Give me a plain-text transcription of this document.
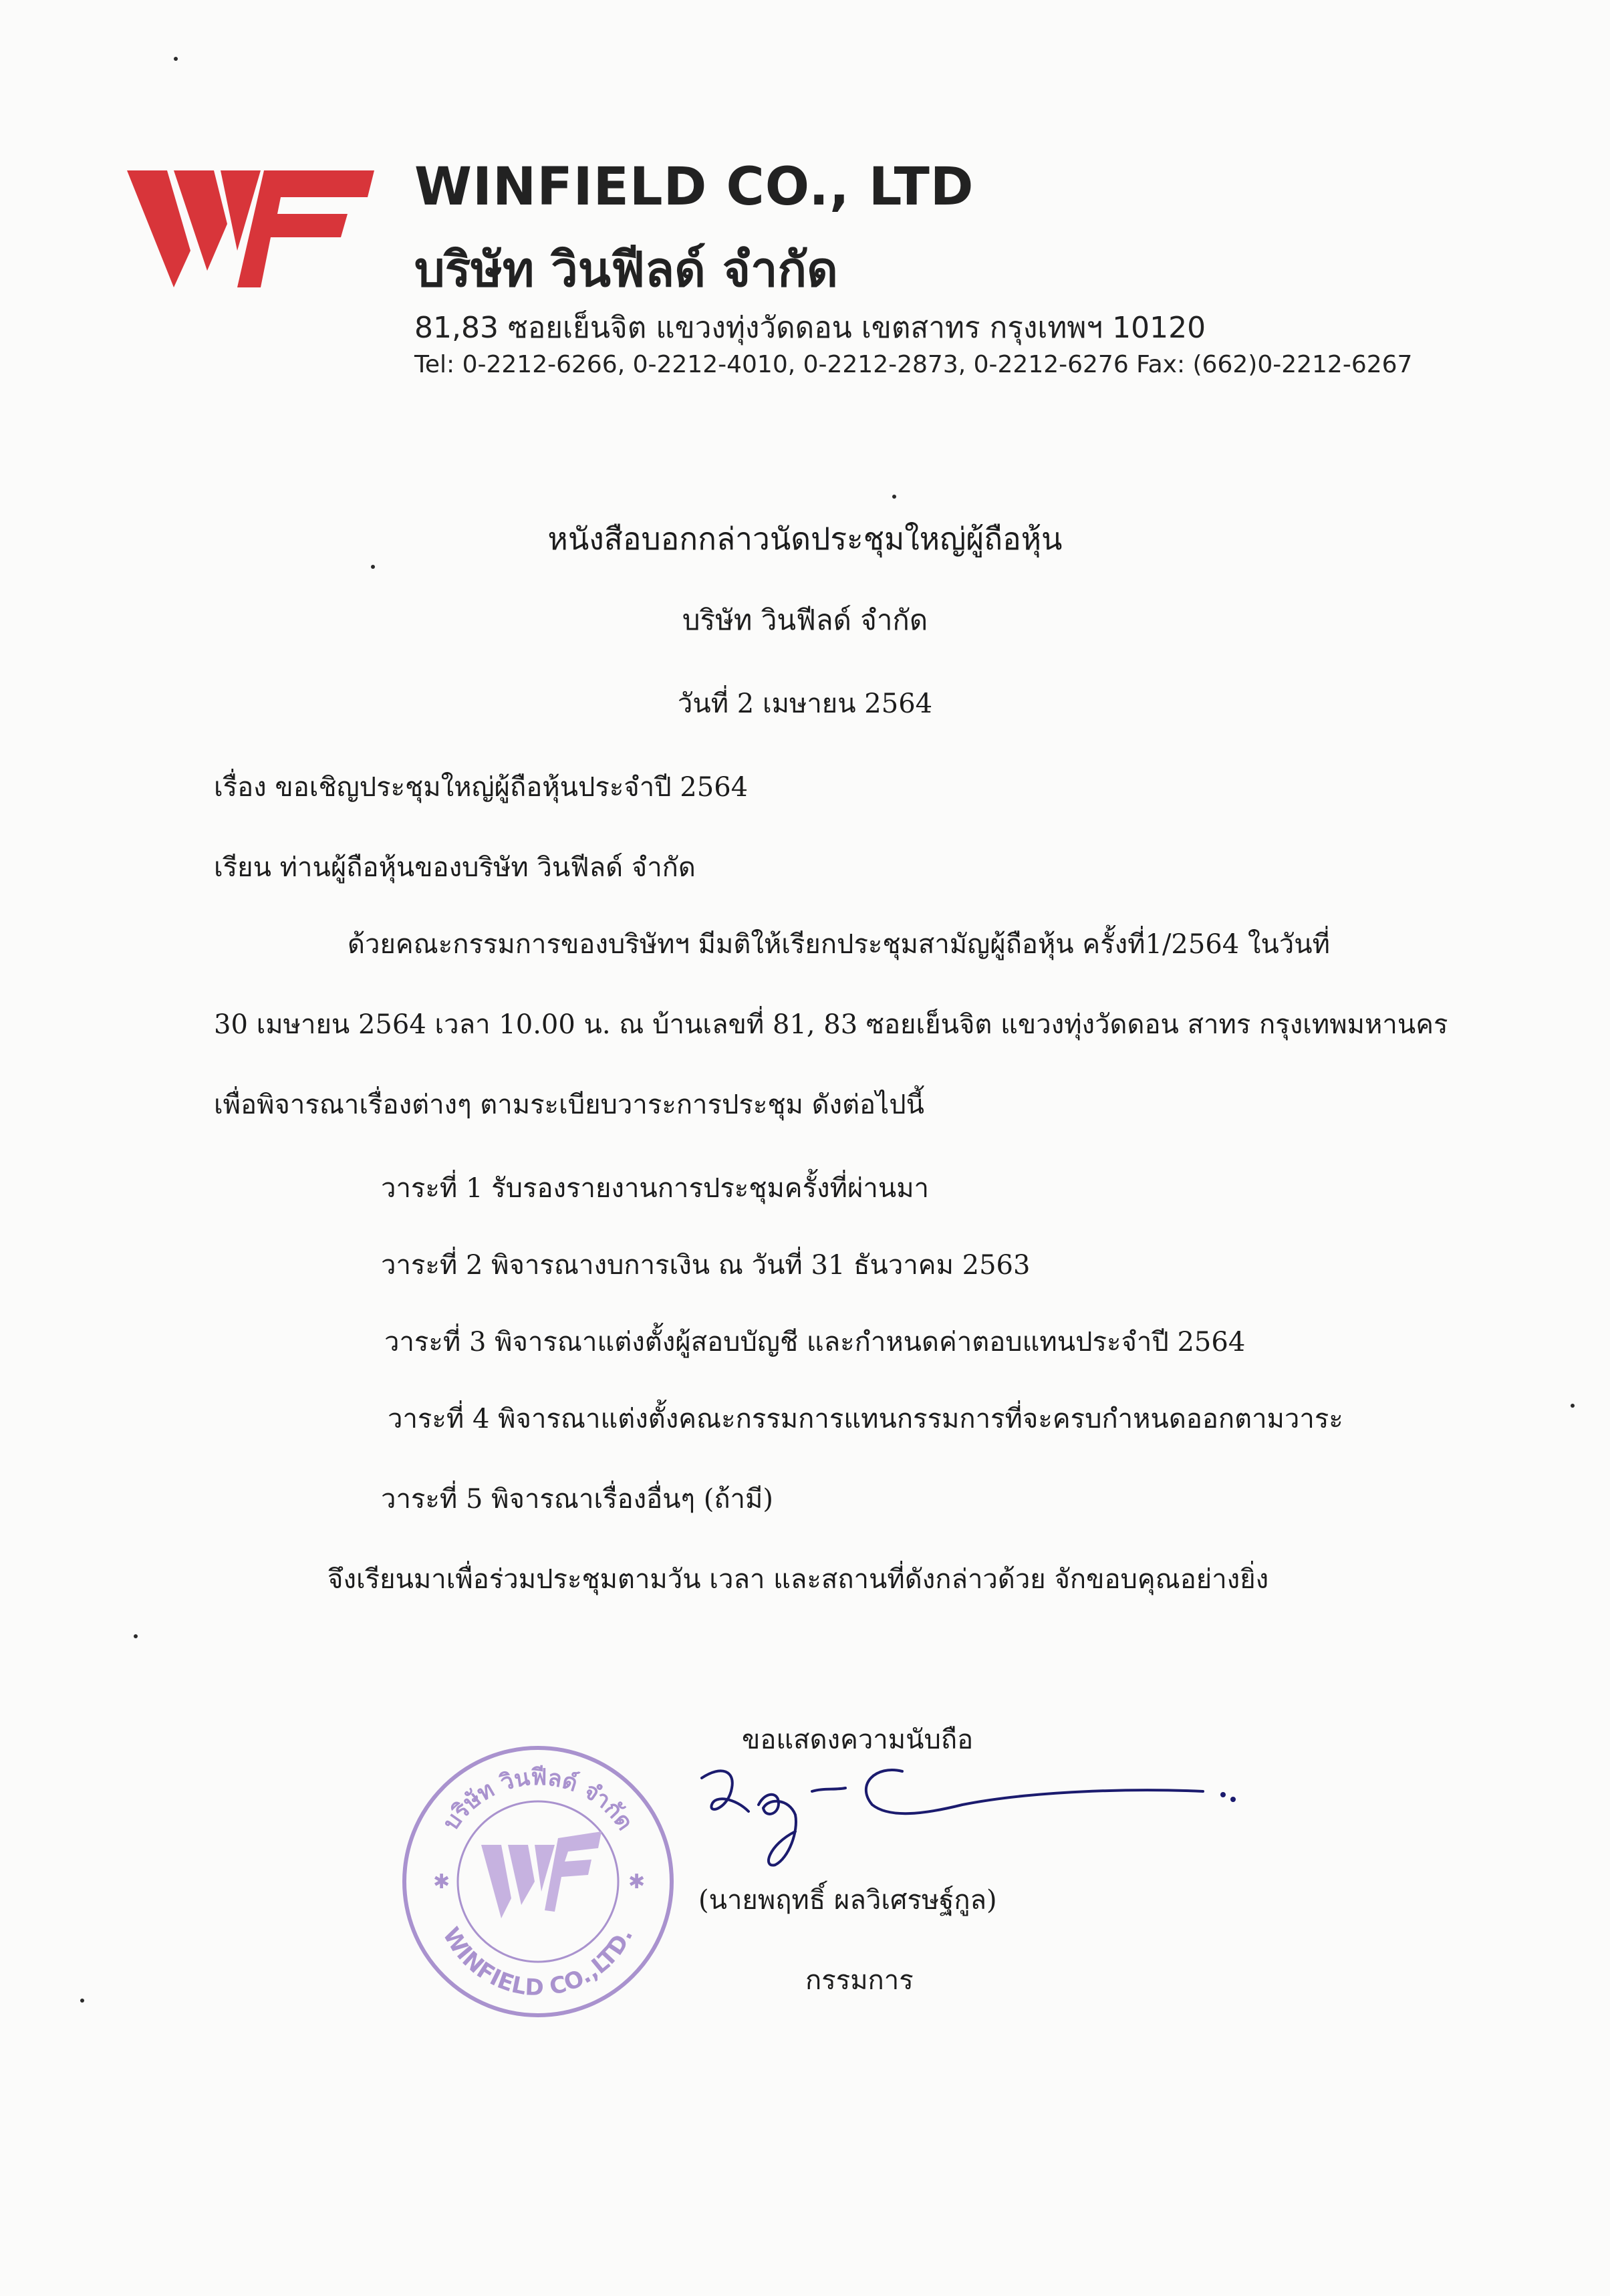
WINFIELD CO., LTD
บริษัท วินฟีลด์ จำกัด
81,83 ซอยเย็นจิต แขวงทุ่งวัดดอน เขตสาทร กรุงเทพฯ 10120
Tel: 0-2212-6266, 0-2212-4010, 0-2212-2873, 0-2212-6276 Fax: (662)0-2212-6267
หนังสือบอกกล่าวนัดประชุมใหญ่ผู้ถือหุ้น
บริษัท วินฟีลด์ จำกัด
วันที่ 2 เมษายน 2564
เรื่อง ขอเชิญประชุมใหญ่ผู้ถือหุ้นประจำปี 2564
เรียน ท่านผู้ถือหุ้นของบริษัท วินฟีลด์ จำกัด
ด้วยคณะกรรมการของบริษัทฯ มีมติให้เรียกประชุมสามัญผู้ถือหุ้น ครั้งที่1/2564 ในวันที่
30 เมษายน 2564 เวลา 10.00 น. ณ บ้านเลขที่ 81, 83 ซอยเย็นจิต แขวงทุ่งวัดดอน สาทร กรุงเทพมหานคร
เพื่อพิจารณาเรื่องต่างๆ ตามระเบียบวาระการประชุม ดังต่อไปนี้
วาระที่ 1 รับรองรายงานการประชุมครั้งที่ผ่านมา
วาระที่ 2 พิจารณางบการเงิน ณ วันที่ 31 ธันวาคม 2563
วาระที่ 3 พิจารณาแต่งตั้งผู้สอบบัญชี และกำหนดค่าตอบแทนประจำปี 2564
วาระที่ 4 พิจารณาแต่งตั้งคณะกรรมการแทนกรรมการที่จะครบกำหนดออกตามวาระ
วาระที่ 5 พิจารณาเรื่องอื่นๆ (ถ้ามี)
จึงเรียนมาเพื่อร่วมประชุมตามวัน เวลา และสถานที่ดังกล่าวด้วย จักขอบคุณอย่างยิ่ง
ขอแสดงความนับถือ
บริษัท วินฟีลด์ จำกัด
WINFIELD CO.,LTD.
✱	✱
(นายพฤทธิ์ ผลวิเศรษฐ์กูล)
กรรมการ
